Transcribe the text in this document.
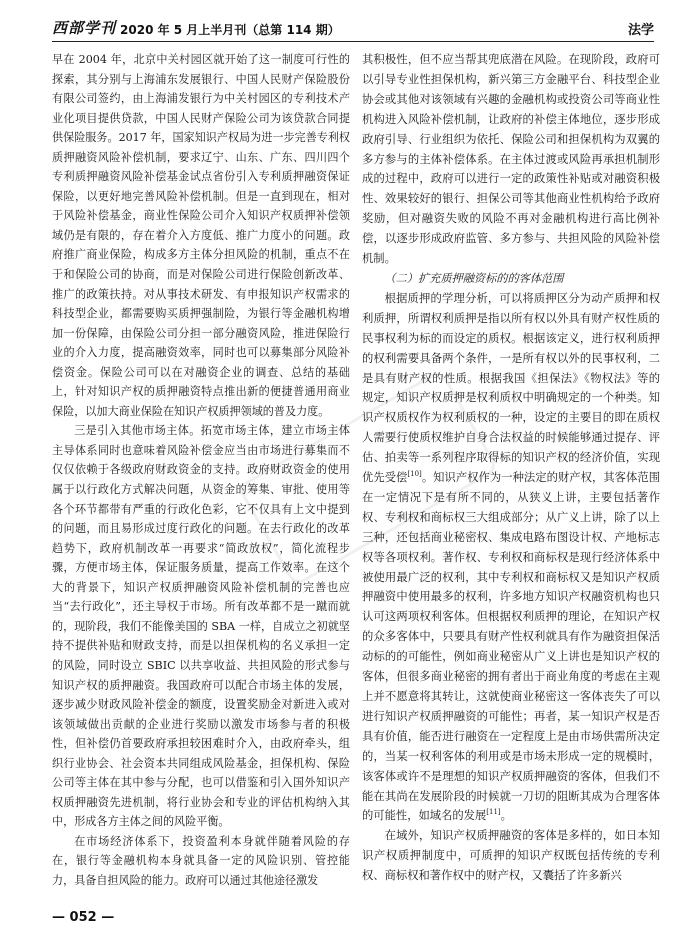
西部学刊 2020 年 5 月上半月刊（总第 114 期）	法学

早在 2004 年，北京中关村园区就开始了这一制度可行性的探索，其分别与上海浦东发展银行、中国人民财产保险股份有限公司签约，由上海浦发银行为中关村园区的专利技术产业化项目提供贷款，中国人民财产保险公司为该贷款合同提供保险服务。2017 年，国家知识产权局为进一步完善专利权质押融资风险补偿机制，要求辽宁、山东、广东、四川四个专利质押融资风险补偿基金试点省份引入专利质押融资保证保险，以更好地完善风险补偿机制。但是一直到现在，相对于风险补偿基金，商业性保险公司介入知识产权质押补偿领域仍是有限的，存在着介入方度低、推广力度小的问题。政府推广商业保险，构成多方主体分担风险的机制，重点不在于和保险公司的协商，而是对保险公司进行保险创新改革、推广的政策扶持。对从事技术研发、有申报知识产权需求的科技型企业，都需要购买质押强制险，为银行等金融机构增加一份保障，由保险公司分担一部分融资风险，推进保险行业的介入力度，提高融资效率，同时也可以募集部分风险补偿资金。保险公司可以在对融资企业的调查、总结的基础上，针对知识产权的质押融资特点推出新的便捷普通用商业保险，以加大商业保险在知识产权质押领域的普及力度。

三是引入其他市场主体。拓宽市场主体，建立市场主体主导体系同时也意味着风险补偿金应当由市场进行募集而不仅仅依赖于各级政府财政资金的支持。政府财政资金的使用属于以行政化方式解决问题，从资金的筹集、审批、使用等各个环节都带有严重的行政化色彩，它不仅具有上文中提到的问题，而且易形成过度行政化的问题。在去行政化的改革趋势下，政府机制改革一再要求“简政放权”，简化流程步骤，方便市场主体，保证服务质量，提高工作效率。在这个大的背景下，知识产权质押融资风险补偿机制的完善也应当“去行政化”，还主导权于市场。所有改革都不是一蹴而就的，现阶段，我们不能像美国的 SBA 一样，自成立之初就坚持不提供补贴和财政支持，而是以担保机构的名义承担一定的风险，同时设立 SBIC 以共享收益、共担风险的形式参与知识产权的质押融资。我国政府可以配合市场主体的发展，逐步减少财政风险补偿金的额度，设置奖励金对新进入或对该领域做出贡献的企业进行奖励以激发市场参与者的积极性，但补偿仍首要政府承担较困难时介入，由政府牵头，组织行业协会、社会资本共同组成风险基金，担保机构、保险公司等主体在其中参与分配，也可以借鉴和引入国外知识产权质押融资先进机制，将行业协会和专业的评估机构纳入其中，形成各方主体之间的风险平衡。

在市场经济体系下，投资盈利本身就伴随着风险的存在，银行等金融机构本身就具备一定的风险识别、管控能力，具备自担风险的能力。政府可以通过其他途径激发

其积极性，但不应当帮其兜底潜在风险。在现阶段，政府可以引导专业性担保机构，新兴第三方金融平台、科技型企业协会或其他对该领域有兴趣的金融机构或投资公司等商业性机构进入风险补偿机制，让政府的补偿主体地位，逐步形成政府引导、行业组织为依托、保险公司和担保机构为双翼的多方参与的主体补偿体系。在主体过渡或风险再承担机制形成的过程中，政府可以进行一定的政策性补贴或对融资积极性、效果较好的银行、担保公司等其他商业性机构给予政府奖励，但对融资失败的风险不再对金融机构进行高比例补偿，以逐步形成政府监管、多方参与、共担风险的风险补偿机制。

（二）扩充质押融资标的的客体范围

根据质押的学理分析，可以将质押区分为动产质押和权利质押，所谓权利质押是指以所有权以外具有财产权性质的民事权利为标的而设定的质权。根据该定义，进行权利质押的权利需要具备两个条件，一是所有权以外的民事权利，二是具有财产权的性质。根据我国《担保法》《物权法》等的规定，知识产权质押是权利质权中明确规定的一个种类。知识产权质权作为权利质权的一种，设定的主要目的即在质权人需要行使质权维护自身合法权益的时候能够通过提存、评估、拍卖等一系列程序取得标的知识产权的经济价值，实现优先受偿[10]。知识产权作为一种法定的财产权，其客体范围在一定情况下是有所不同的，从狭义上讲，主要包括著作权、专利权和商标权三大组成部分；从广义上讲，除了以上三种，还包括商业秘密权、集成电路布图设计权、产地标志权等各项权利。著作权、专利权和商标权是现行经济体系中被使用最广泛的权利，其中专利权和商标权又是知识产权质押融资中使用最多的权利，许多地方知识产权融资机构也只认可这两项权利客体。但根据权利质押的理论，在知识产权的众多客体中，只要具有财产性权利就具有作为融资担保活动标的的可能性，例如商业秘密从广义上讲也是知识产权的客体，但很多商业秘密的拥有者出于商业角度的考虑在主观上并不愿意将其转让，这就使商业秘密这一客体丧失了可以进行知识产权质押融资的可能性；再者，某一知识产权是否具有价值，能否进行融资在一定程度上是由市场供需所决定的，当某一权利客体的利用或是市场未形成一定的规模时，该客体或许不是理想的知识产权质押融资的客体，但我们不能在其尚在发展阶段的时候就一刀切的阻断其成为合理客体的可能性，如域名的发展[11]。

在域外，知识产权质押融资的客体是多样的，如日本知识产权质押制度中，可质押的知识产权既包括传统的专利权、商标权和著作权中的财产权，又囊括了许多新兴

— 052 —
